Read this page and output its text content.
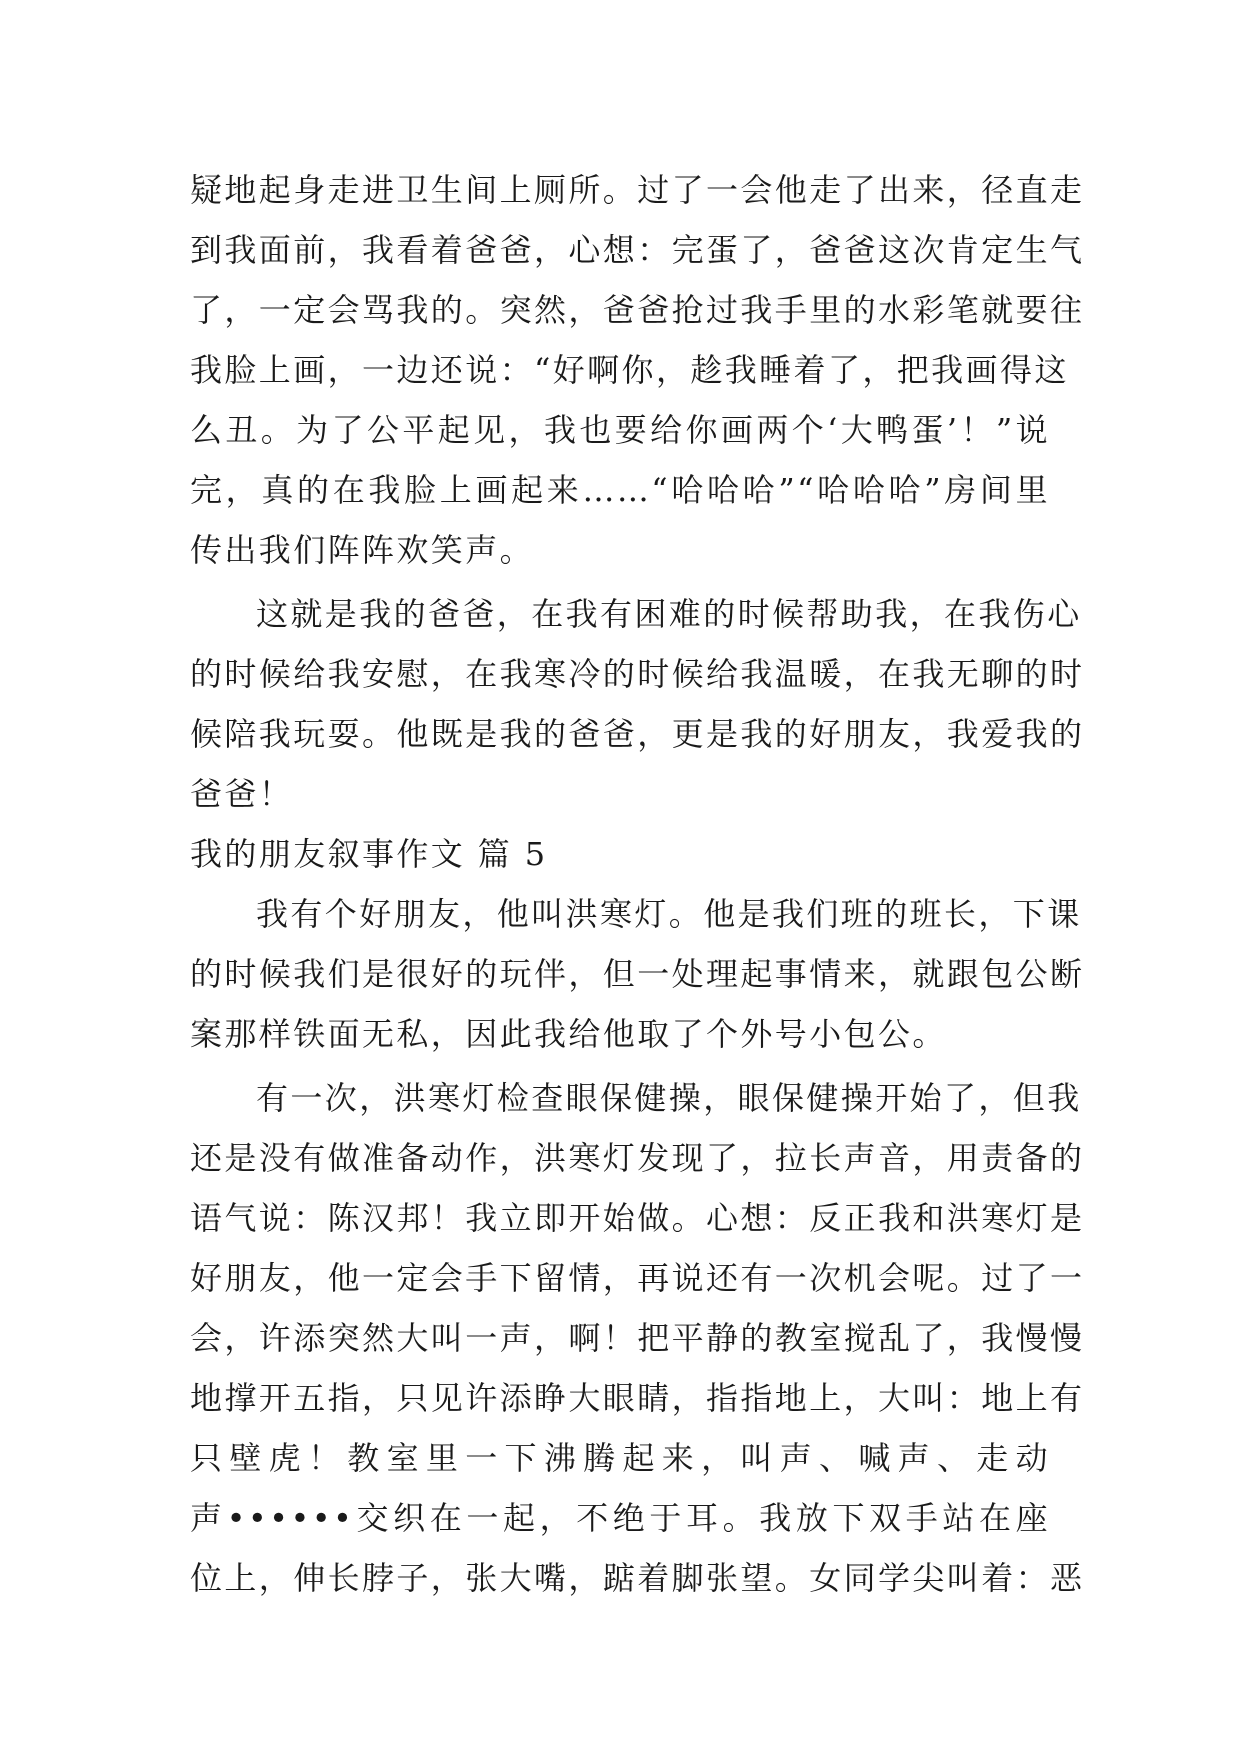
疑地起身走进卫生间上厕所。过了一会他走了出来，径直走
到我面前，我看着爸爸，心想：完蛋了，爸爸这次肯定生气
了，一定会骂我的。突然，爸爸抢过我手里的水彩笔就要往
我脸上画，一边还说：“好啊你，趁我睡着了，把我画得这
么丑。为了公平起见，我也要给你画两个‘大鸭蛋’！”说
完，真的在我脸上画起来……“哈哈哈”“哈哈哈”房间里
传出我们阵阵欢笑声。
这就是我的爸爸，在我有困难的时候帮助我，在我伤心
的时候给我安慰，在我寒冷的时候给我温暖，在我无聊的时
候陪我玩耍。他既是我的爸爸，更是我的好朋友，我爱我的
爸爸！
我的朋友叙事作文 篇 5
我有个好朋友，他叫洪寒灯。他是我们班的班长，下课
的时候我们是很好的玩伴，但一处理起事情来，就跟包公断
案那样铁面无私，因此我给他取了个外号小包公。
有一次，洪寒灯检查眼保健操，眼保健操开始了，但我
还是没有做准备动作，洪寒灯发现了，拉长声音，用责备的
语气说：陈汉邦！我立即开始做。心想：反正我和洪寒灯是
好朋友，他一定会手下留情，再说还有一次机会呢。过了一
会，许添突然大叫一声，啊！把平静的教室搅乱了，我慢慢
地撑开五指，只见许添睁大眼睛，指指地上，大叫：地上有
只壁虎！教室里一下沸腾起来，叫声、喊声、走动
声••••••交织在一起，不绝于耳。我放下双手站在座
位上，伸长脖子，张大嘴，踮着脚张望。女同学尖叫着：恶
